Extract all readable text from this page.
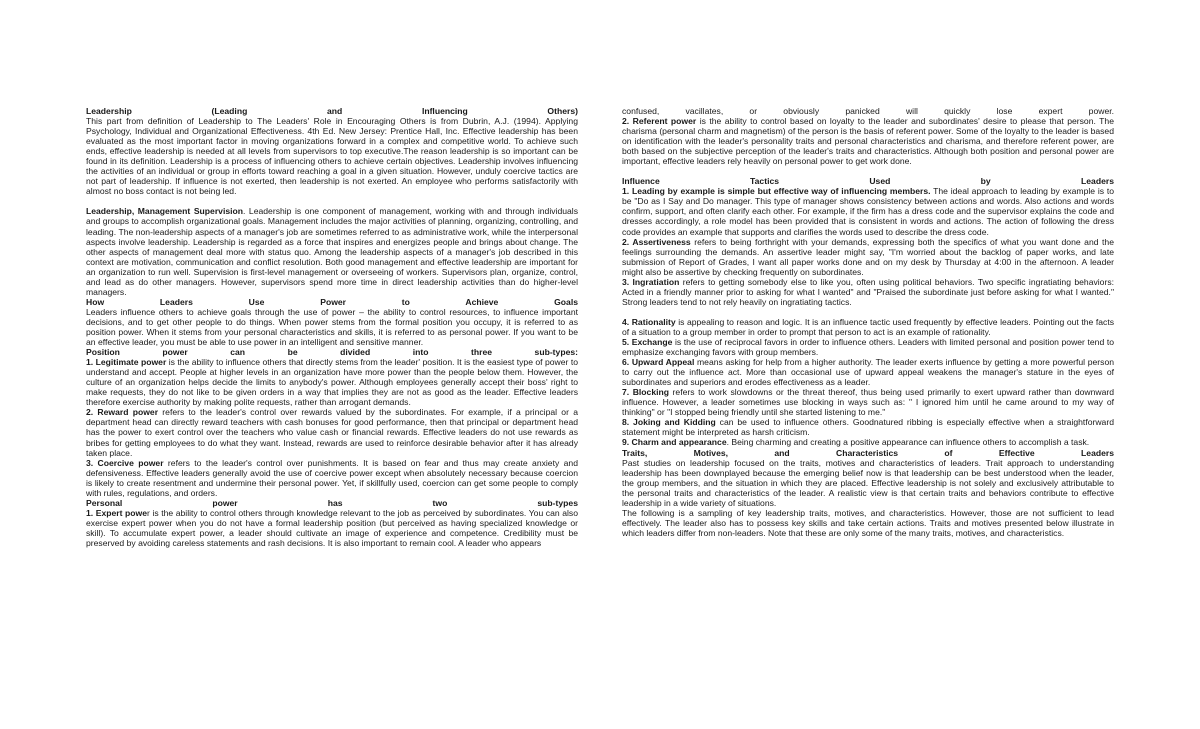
Leadership (Leading and Influencing Others)

This part from definition of Leadership to The Leaders' Role in Encouraging Others is from Dubrin, A.J. (1994). Applying Psychology, Individual and Organizational Effectiveness. 4th Ed. New Jersey: Prentice Hall, Inc. Effective leadership has been evaluated as the most important factor in moving organizations forward in a complex and competitive world. To achieve such ends, effective leadership is needed at all levels from supervisors to top executive.The reason leadership is so important can be found in its definition. Leadership is a process of influencing others to achieve certain objectives. Leadership involves influencing the activities of an individual or group in efforts toward reaching a goal in a given situation. However, unduly coercive tactics are not part of leadership. If influence is not exerted, then leadership is not exerted. An employee who performs satisfactorily with almost no boss contact is not being led.

Leadership, Management Supervision. Leadership is one component of management, working with and through individuals and groups to accomplish organizational goals. Management includes the major activities of planning, organizing, controlling, and leading. The non-leadership aspects of a manager's job are sometimes referred to as administrative work, while the interpersonal aspects involve leadership. Leadership is regarded as a force that inspires and energizes people and brings about change. The other aspects of management deal more with status quo. Among the leadership aspects of a manager's job described in this context are motivation, communication and conflict resolution. Both good management and effective leadership are important for an organization to run well. Supervision is first-level management or overseeing of workers. Supervisors plan, organize, control, and lead as do other managers. However, supervisors spend more time in direct leadership activities than do higher-level managers.

How Leaders Use Power to Achieve Goals

Leaders influence others to achieve goals through the use of power – the ability to control resources, to influence important decisions, and to get other people to do things. When power stems from the formal position you occupy, it is referred to as position power. When it stems from your personal characteristics and skills, it is referred to as personal power. If you want to be an effective leader, you must be able to use power in an intelligent and sensitive manner.

Position power can be divided into three sub-types:

1. Legitimate power is the ability to influence others that directly stems from the leader' position. It is the easiest type of power to understand and accept. People at higher levels in an organization have more power than the people below them. However, the culture of an organization helps decide the limits to anybody's power. Although employees generally accept their boss' right to make requests, they do not like to be given orders in a way that implies they are not as good as the leader. Effective leaders therefore exercise authority by making polite requests, rather than arrogant demands.

2. Reward power refers to the leader's control over rewards valued by the subordinates. For example, if a principal or a department head can directly reward teachers with cash bonuses for good performance, then that principal or department head has the power to exert control over the teachers who value cash or financial rewards. Effective leaders do not use rewards as bribes for getting employees to do what they want. Instead, rewards are used to reinforce desirable behavior after it has already taken place.

3. Coercive power refers to the leader's control over punishments. It is based on fear and thus may create anxiety and defensiveness. Effective leaders generally avoid the use of coercive power except when absolutely necessary because coercion is likely to create resentment and undermine their personal power. Yet, if skillfully used, coercion can get some people to comply with rules, regulations, and orders.

Personal power has two sub-types

1. Expert power is the ability to control others through knowledge relevant to the job as perceived by subordinates. You can also exercise expert power when you do not have a formal leadership position (but perceived as having specialized knowledge or skill). To accumulate expert power, a leader should cultivate an image of experience and competence. Credibility must be preserved by avoiding careless statements and rash decisions. It is also important to remain cool. A leader who appears

confused, vacillates, or obviously panicked will quickly lose expert power.

2. Referent power is the ability to control based on loyalty to the leader and subordinates' desire to please that person. The charisma (personal charm and magnetism) of the person is the basis of referent power. Some of the loyalty to the leader is based on identification with the leader's personality traits and personal characteristics and charisma, and therefore referent power, are both based on the subjective perception of the leader's traits and characteristics. Although both position and personal power are important, effective leaders rely heavily on personal power to get work done.

Influence Tactics Used by Leaders

1. Leading by example is simple but effective way of influencing members. The ideal approach to leading by example is to be "Do as I Say and Do manager. This type of manager shows consistency between actions and words. Also actions and words confirm, support, and often clarify each other. For example, if the firm has a dress code and the supervisor explains the code and dresses accordingly, a role model has been provided that is consistent in words and actions. The action of following the dress code provides an example that supports and clarifies the words used to describe the dress code.

2. Assertiveness refers to being forthright with your demands, expressing both the specifics of what you want done and the feelings surrounding the demands. An assertive leader might say, "I'm worried about the backlog of paper works, and late submission of Report of Grades, I want all paper works done and on my desk by Thursday at 4:00 in the afternoon. A leader might also be assertive by checking frequently on subordinates.

3. Ingratiation refers to getting somebody else to like you, often using political behaviors. Two specific ingratiating behaviors: Acted in a friendly manner prior to asking for what I wanted" and "Praised the subordinate just before asking for what I wanted." Strong leaders tend to not rely heavily on ingratiating tactics.

4. Rationality is appealing to reason and logic. It is an influence tactic used frequently by effective leaders. Pointing out the facts of a situation to a group member in order to prompt that person to act is an example of rationality.

5. Exchange is the use of reciprocal favors in order to influence others. Leaders with limited personal and position power tend to emphasize exchanging favors with group members.

6. Upward Appeal means asking for help from a higher authority. The leader exerts influence by getting a more powerful person to carry out the influence act. More than occasional use of upward appeal weakens the manager's stature in the eyes of subordinates and superiors and erodes effectiveness as a leader.

7. Blocking refers to work slowdowns or the threat thereof, thus being used primarily to exert upward rather than downward influence. However, a leader sometimes use blocking in ways such as: " I ignored him until he came around to my way of thinking" or "I stopped being friendly until she started listening to me."

8. Joking and Kidding can be used to influence others. Goodnatured ribbing is especially effective when a straightforward statement might be interpreted as harsh criticism.

9. Charm and appearance. Being charming and creating a positive appearance can influence others to accomplish a task.

Traits, Motives, and Characteristics of Effective Leaders

Past studies on leadership focused on the traits, motives and characteristics of leaders. Trait approach to understanding leadership has been downplayed because the emerging belief now is that leadership can be best understood when the leader, the group members, and the situation in which they are placed. Effective leadership is not solely and exclusively attributable to the personal traits and characteristics of the leader. A realistic view is that certain traits and behaviors contribute to effective leadership in a wide variety of situations.

The following is a sampling of key leadership traits, motives, and characteristics. However, those are not sufficient to lead effectively. The leader also has to possess key skills and take certain actions. Traits and motives presented below illustrate in which leaders differ from non-leaders. Note that these are only some of the many traits, motives, and characteristics.
